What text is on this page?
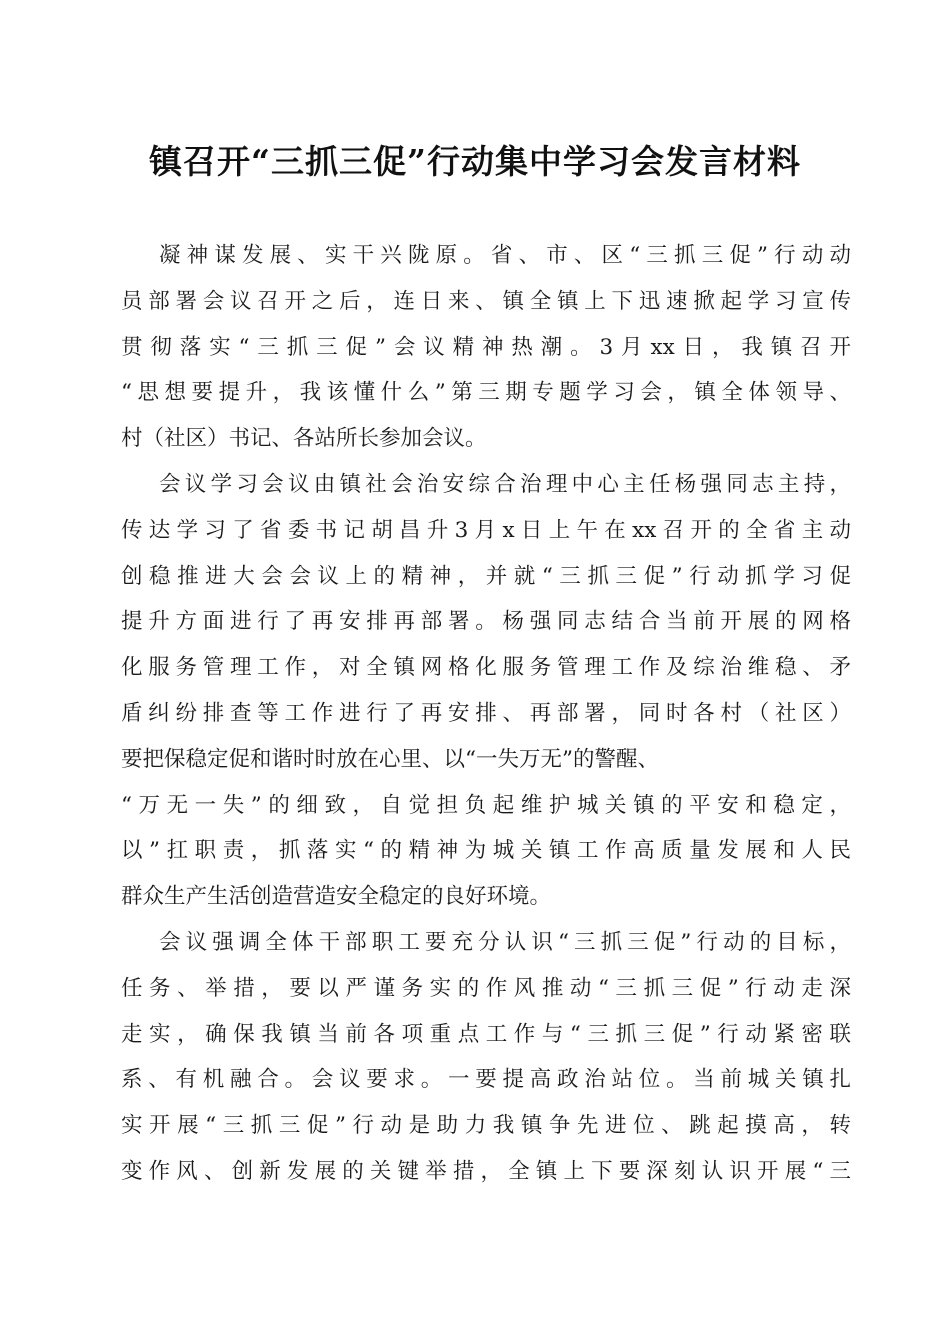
镇召开“三抓三促”行动集中学习会发言材料
凝神谋发展、实干兴陇原。省、市、区“三抓三促”行动动
员部署会议召开之后，连日来、镇全镇上下迅速掀起学习宣传
贯彻落实“三抓三促”会议精神热潮。3月xx日，我镇召开
“思想要提升，我该懂什么”第三期专题学习会，镇全体领导、
村（社区）书记、各站所长参加会议。
会议学习会议由镇社会治安综合治理中心主任杨强同志主持，
传达学习了省委书记胡昌升3月x日上午在xx召开的全省主动
创稳推进大会会议上的精神，并就“三抓三促”行动抓学习促
提升方面进行了再安排再部署。杨强同志结合当前开展的网格
化服务管理工作，对全镇网格化服务管理工作及综治维稳、矛
盾纠纷排查等工作进行了再安排、再部署，同时各村（社区）
要把保稳定促和谐时时放在心里、以“一失万无”的警醒、
“万无一失”的细致，自觉担负起维护城关镇的平安和稳定，
以”扛职责，抓落实“的精神为城关镇工作高质量发展和人民
群众生产生活创造营造安全稳定的良好环境。
会议强调全体干部职工要充分认识“三抓三促”行动的目标，
任务、举措，要以严谨务实的作风推动“三抓三促”行动走深
走实，确保我镇当前各项重点工作与“三抓三促”行动紧密联
系、有机融合。会议要求。一要提高政治站位。当前城关镇扎
实开展“三抓三促”行动是助力我镇争先进位、跳起摸高，转
变作风、创新发展的关键举措，全镇上下要深刻认识开展“三
